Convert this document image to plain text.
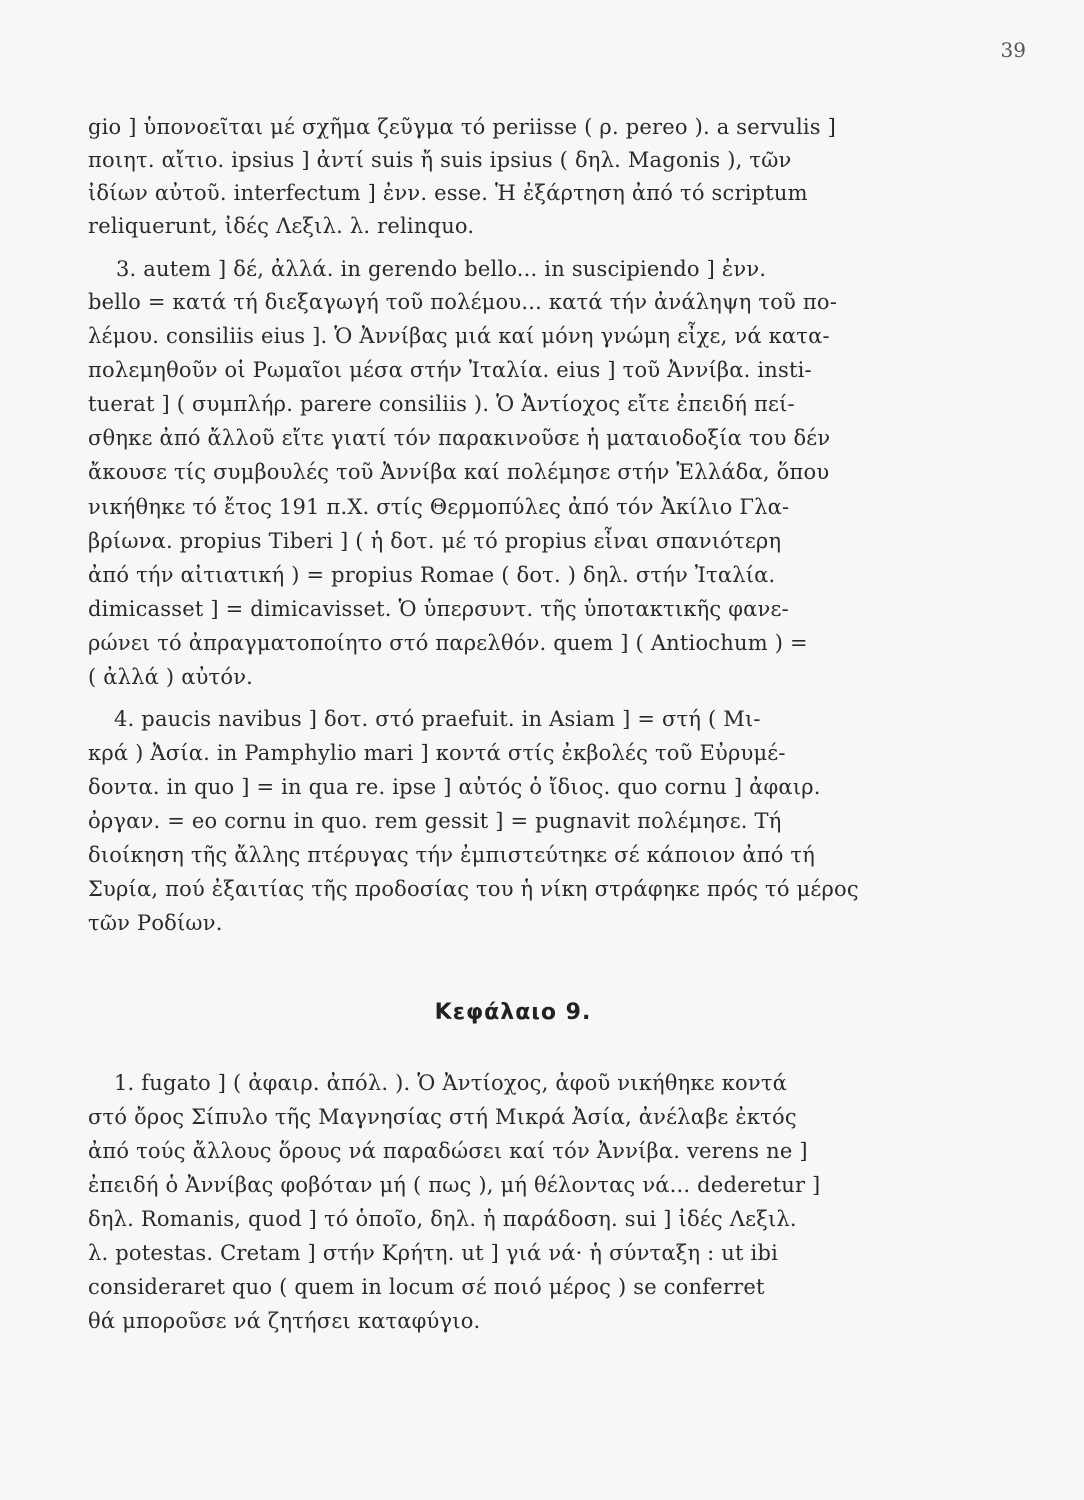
39
gio ] ὑπονοεῖται μέ σχῆμα ζεῦγμα τό periisse ( ρ. pereo ). a servulis ]
ποιητ. αἴτιο. ipsius ] ἀντί suis ἤ suis ipsius ( δηλ. Magonis ), τῶν
ἰδίων αὐτοῦ. interfectum ] ἐνν. esse. Ἡ ἐξάρτηση ἀπό τό scriptum
reliquerunt, ἰδές Λεξιλ. λ. relinquo.
3. autem ] δέ, ἀλλά. in gerendo bello... in suscipiendo ] ἐνν.
bello = κατά τή διεξαγωγή τοῦ πολέμου... κατά τήν ἀνάληψη τοῦ πο-
λέμου. consiliis eius ]. Ὁ Ἀννίβας μιά καί μόνη γνώμη εἶχε, νά κατα-
πολεμηθοῦν οἱ Ρωμαῖοι μέσα στήν Ἰταλία. eius ] τοῦ Ἀννίβα. insti-
tuerat ] ( συμπλήρ. parere consiliis ). Ὁ Ἀντίοχος εἴτε ἐπειδή πεί-
σθηκε ἀπό ἄλλοῦ εἴτε γιατί τόν παρακινοῦσε ἡ ματαιοδοξία του δέν
ἄκουσε τίς συμβουλές τοῦ Ἀννίβα καί πολέμησε στήν Ἑλλάδα, ὅπου
νικήθηκε τό ἔτος 191 π.Χ. στίς Θερμοπύλες ἀπό τόν Ἀκίλιο Γλα-
βρίωνα. propius Tiberi ] ( ἡ δοτ. μέ τό propius εἶναι σπανιότερη
ἀπό τήν αἰτιατική ) = propius Romae ( δοτ. ) δηλ. στήν Ἰταλία.
dimicasset ] = dimicavisset. Ὁ ὑπερσυντ. τῆς ὑποτακτικῆς φανε-
ρώνει τό ἀπραγματοποίητο στό παρελθόν. quem ] ( Antiochum ) =
( ἀλλά ) αὐτόν.
4. paucis navibus ] δοτ. στό praefuit. in Asiam ] = στή ( Μι-
κρά ) Ἀσία. in Pamphylio mari ] κοντά στίς ἐκβολές τοῦ Εὐρυμέ-
δοντα. in quo ] = in qua re. ipse ] αὐτός ὁ ἴδιος. quo cornu ] ἀφαιρ.
ὀργαν. = eo cornu in quo. rem gessit ] = pugnavit πολέμησε. Τή
διοίκηση τῆς ἄλλης πτέρυγας τήν ἐμπιστεύτηκε σέ κάποιον ἀπό τή
Συρία, πού ἐξαιτίας τῆς προδοσίας του ἡ νίκη στράφηκε πρός τό μέρος
τῶν Ροδίων.
Κεφάλαιο 9.
1. fugato ] ( ἀφαιρ. ἀπόλ. ). Ὁ Ἀντίοχος, ἀφοῦ νικήθηκε κοντά
στό ὄρος Σίπυλο τῆς Μαγνησίας στή Μικρά Ἀσία, ἀνέλαβε ἐκτός
ἀπό τούς ἄλλους ὅρους νά παραδώσει καί τόν Ἀννίβα. verens ne ]
ἐπειδή ὁ Ἀννίβας φοβόταν μή ( πως ), μή θέλοντας νά... dederetur ]
δηλ. Romanis, quod ] τό ὁποῖο, δηλ. ἡ παράδοση. sui ] ἰδές Λεξιλ.
λ. potestas. Cretam ] στήν Κρήτη. ut ] γιά νά· ἡ σύνταξη : ut ibi
consideraret quo ( quem in locum σέ ποιό μέρος ) se conferret
θά μποροῦσε νά ζητήσει καταφύγιο.
